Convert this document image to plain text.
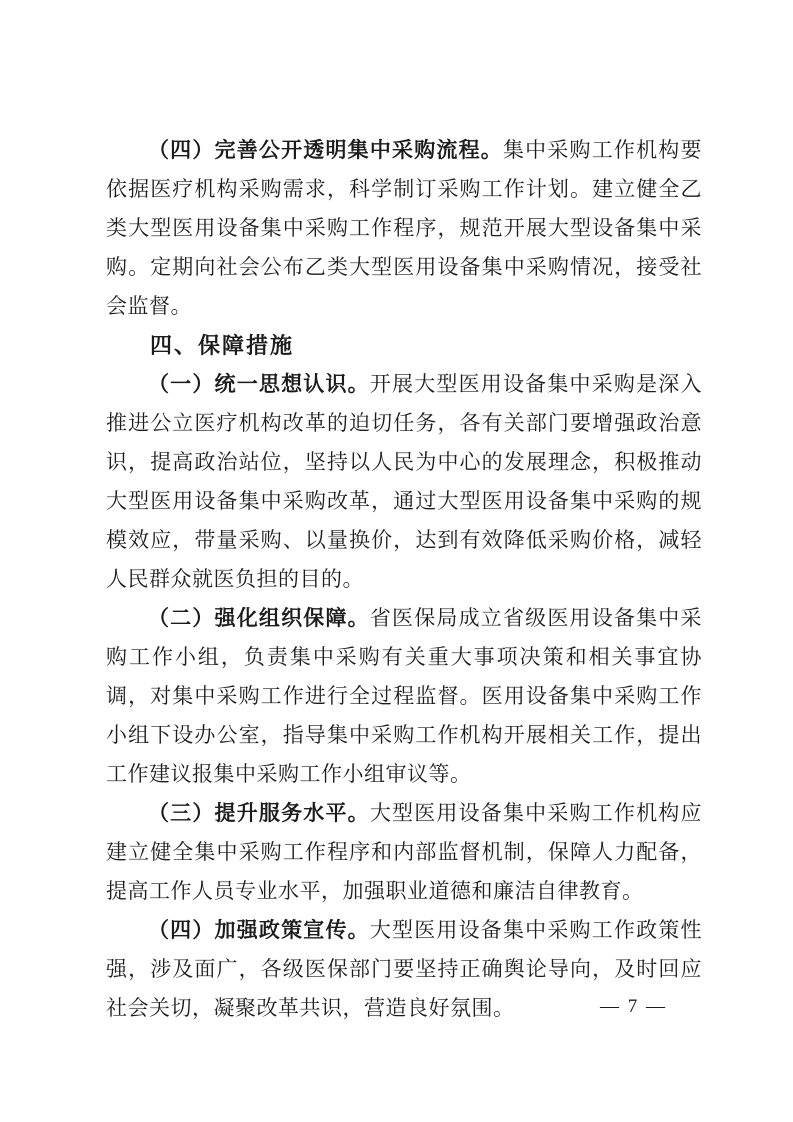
（四）完善公开透明集中采购流程。集中采购工作机构要依据医疗机构采购需求，科学制订采购工作计划。建立健全乙类大型医用设备集中采购工作程序，规范开展大型设备集中采购。定期向社会公布乙类大型医用设备集中采购情况，接受社会监督。

四、保障措施

（一）统一思想认识。开展大型医用设备集中采购是深入推进公立医疗机构改革的迫切任务，各有关部门要增强政治意识，提高政治站位，坚持以人民为中心的发展理念，积极推动大型医用设备集中采购改革，通过大型医用设备集中采购的规模效应，带量采购、以量换价，达到有效降低采购价格，减轻人民群众就医负担的目的。

（二）强化组织保障。省医保局成立省级医用设备集中采购工作小组，负责集中采购有关重大事项决策和相关事宜协调，对集中采购工作进行全过程监督。医用设备集中采购工作小组下设办公室，指导集中采购工作机构开展相关工作，提出工作建议报集中采购工作小组审议等。

（三）提升服务水平。大型医用设备集中采购工作机构应建立健全集中采购工作程序和内部监督机制，保障人力配备，提高工作人员专业水平，加强职业道德和廉洁自律教育。

（四）加强政策宣传。大型医用设备集中采购工作政策性强，涉及面广，各级医保部门要坚持正确舆论导向，及时回应社会关切，凝聚改革共识，营造良好氛围。	— 7 —
